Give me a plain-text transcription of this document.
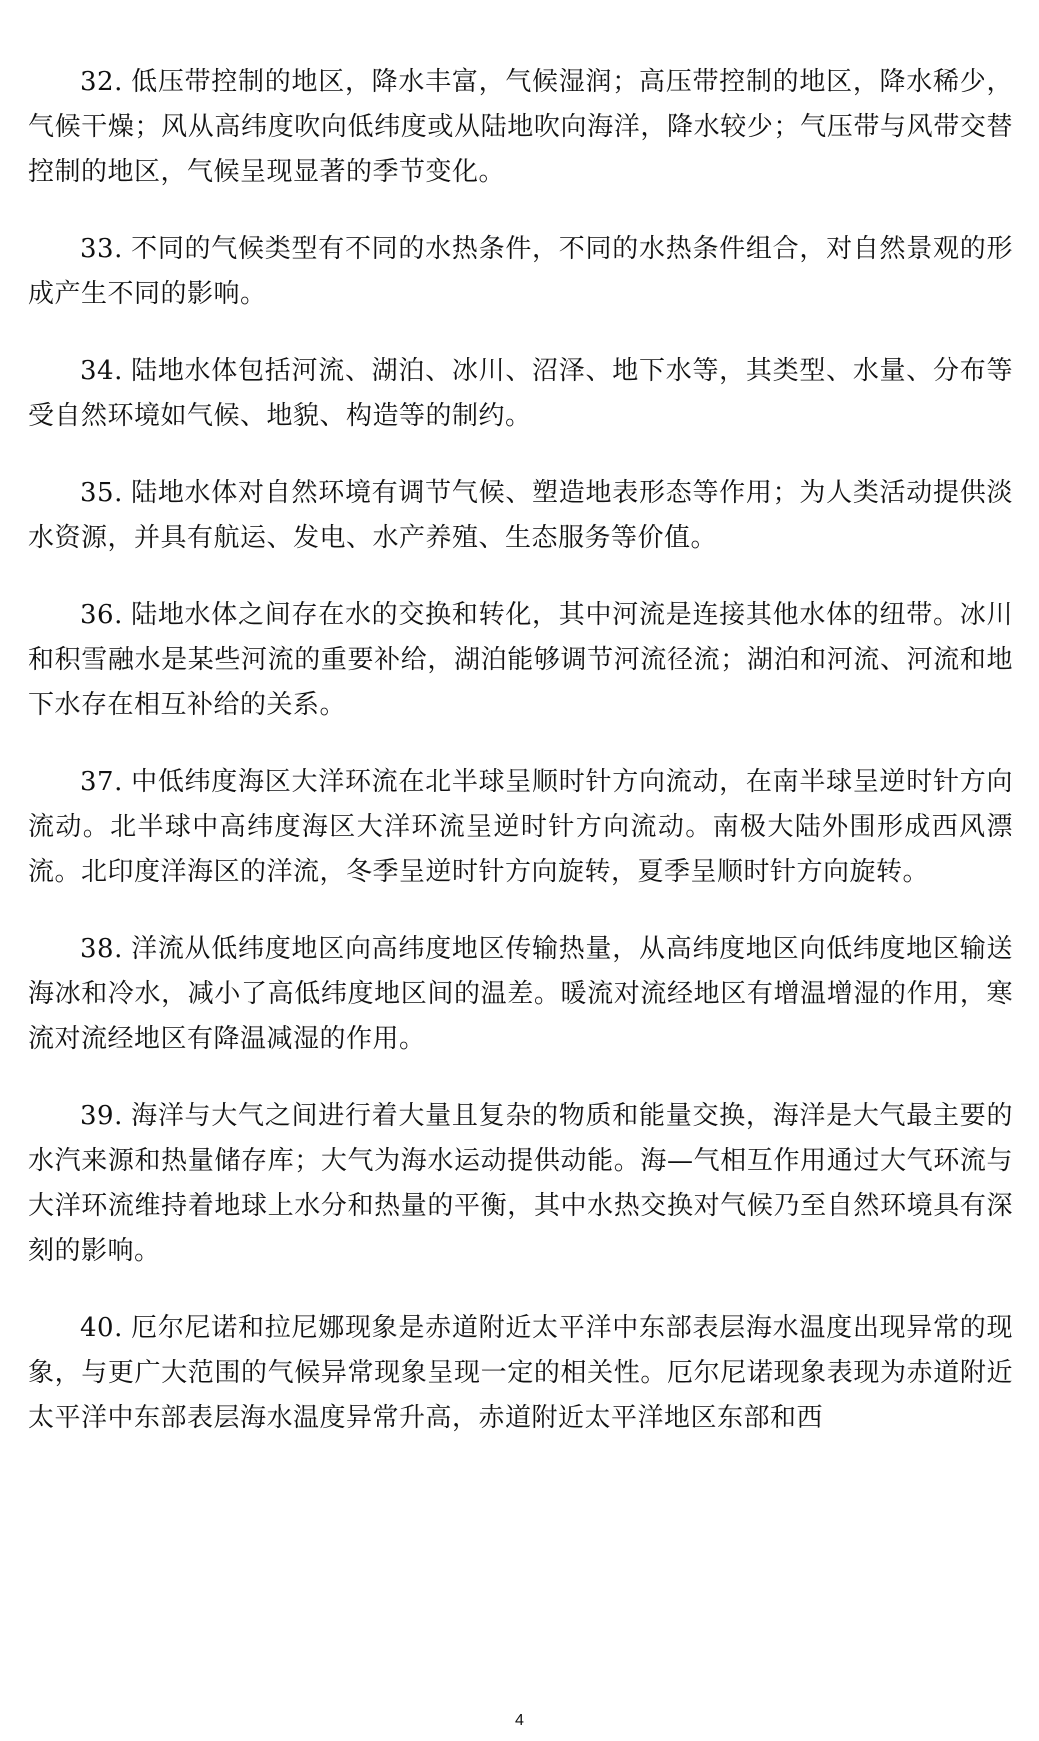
32. 低压带控制的地区，降水丰富，气候湿润；高压带控制的地区，降水稀少，气候干燥；风从高纬度吹向低纬度或从陆地吹向海洋，降水较少；气压带与风带交替控制的地区，气候呈现显著的季节变化。

33. 不同的气候类型有不同的水热条件，不同的水热条件组合，对自然景观的形成产生不同的影响。

34. 陆地水体包括河流、湖泊、冰川、沼泽、地下水等，其类型、水量、分布等受自然环境如气候、地貌、构造等的制约。

35. 陆地水体对自然环境有调节气候、塑造地表形态等作用；为人类活动提供淡水资源，并具有航运、发电、水产养殖、生态服务等价值。

36. 陆地水体之间存在水的交换和转化，其中河流是连接其他水体的纽带。冰川和积雪融水是某些河流的重要补给，湖泊能够调节河流径流；湖泊和河流、河流和地下水存在相互补给的关系。

37. 中低纬度海区大洋环流在北半球呈顺时针方向流动，在南半球呈逆时针方向流动。北半球中高纬度海区大洋环流呈逆时针方向流动。南极大陆外围形成西风漂流。北印度洋海区的洋流，冬季呈逆时针方向旋转，夏季呈顺时针方向旋转。

38. 洋流从低纬度地区向高纬度地区传输热量，从高纬度地区向低纬度地区输送海冰和冷水，减小了高低纬度地区间的温差。暖流对流经地区有增温增湿的作用，寒流对流经地区有降温减湿的作用。

39. 海洋与大气之间进行着大量且复杂的物质和能量交换，海洋是大气最主要的水汽来源和热量储存库；大气为海水运动提供动能。海—气相互作用通过大气环流与大洋环流维持着地球上水分和热量的平衡，其中水热交换对气候乃至自然环境具有深刻的影响。

40. 厄尔尼诺和拉尼娜现象是赤道附近太平洋中东部表层海水温度出现异常的现象，与更广大范围的气候异常现象呈现一定的相关性。厄尔尼诺现象表现为赤道附近太平洋中东部表层海水温度异常升高，赤道附近太平洋地区东部和西

4
